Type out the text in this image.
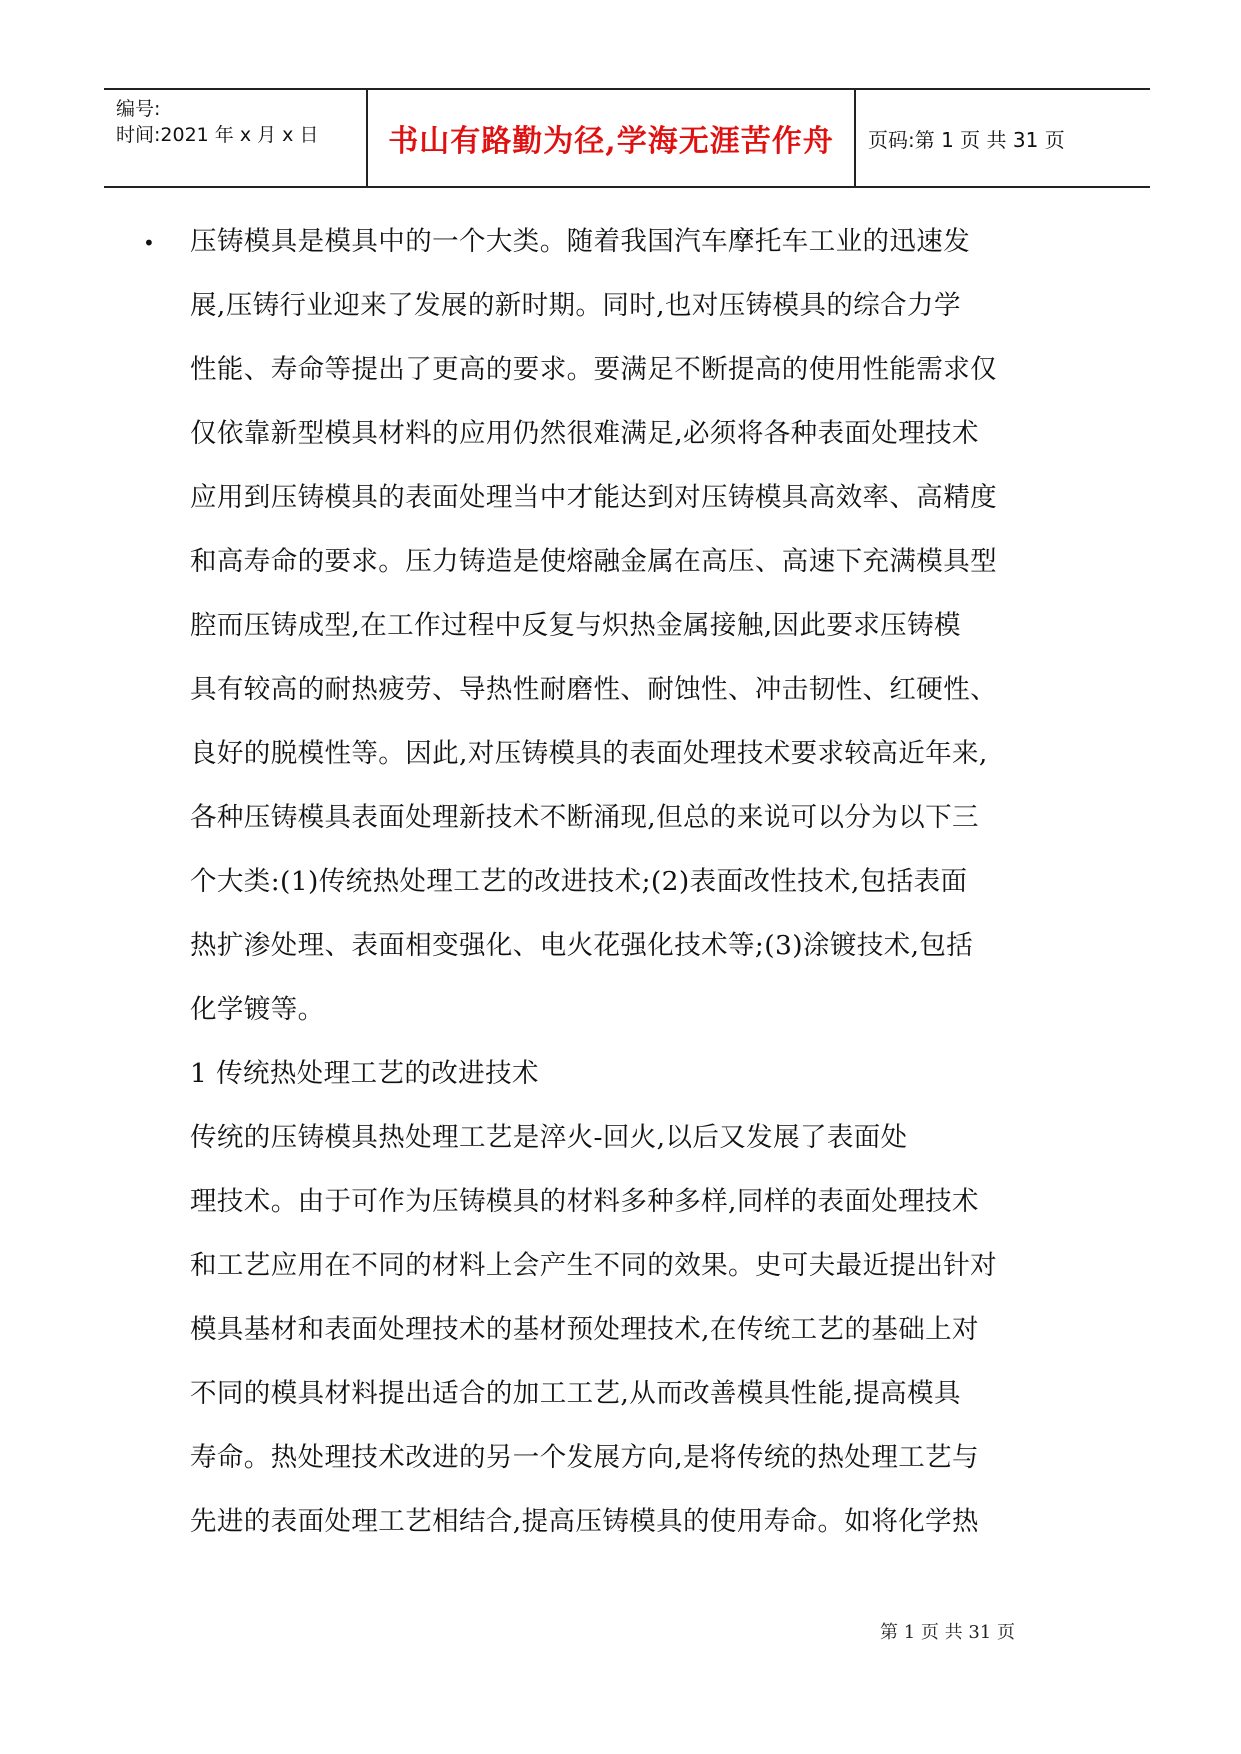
编号:
时间:2021 年 x 月 x 日	书山有路勤为径,学海无涯苦作舟	页码:第 1 页 共 31 页
• 压铸模具是模具中的一个大类。随着我国汽车摩托车工业的迅速发
展,压铸行业迎来了发展的新时期。同时,也对压铸模具的综合力学
性能、寿命等提出了更高的要求。要满足不断提高的使用性能需求仅
仅依靠新型模具材料的应用仍然很难满足,必须将各种表面处理技术
应用到压铸模具的表面处理当中才能达到对压铸模具高效率、高精度
和高寿命的要求。压力铸造是使熔融金属在高压、高速下充满模具型
腔而压铸成型,在工作过程中反复与炽热金属接触,因此要求压铸模
具有较高的耐热疲劳、导热性耐磨性、耐蚀性、冲击韧性、红硬性、
良好的脱模性等。因此,对压铸模具的表面处理技术要求较高近年来,
各种压铸模具表面处理新技术不断涌现,但总的来说可以分为以下三
个大类:(1)传统热处理工艺的改进技术;(2)表面改性技术,包括表面
热扩渗处理、表面相变强化、电火花强化技术等;(3)涂镀技术,包括
化学镀等。
1 传统热处理工艺的改进技术
传统的压铸模具热处理工艺是淬火-回火,以后又发展了表面处
理技术。由于可作为压铸模具的材料多种多样,同样的表面处理技术
和工艺应用在不同的材料上会产生不同的效果。史可夫最近提出针对
模具基材和表面处理技术的基材预处理技术,在传统工艺的基础上对
不同的模具材料提出适合的加工工艺,从而改善模具性能,提高模具
寿命。热处理技术改进的另一个发展方向,是将传统的热处理工艺与
先进的表面处理工艺相结合,提高压铸模具的使用寿命。如将化学热
第 1 页 共 31 页
